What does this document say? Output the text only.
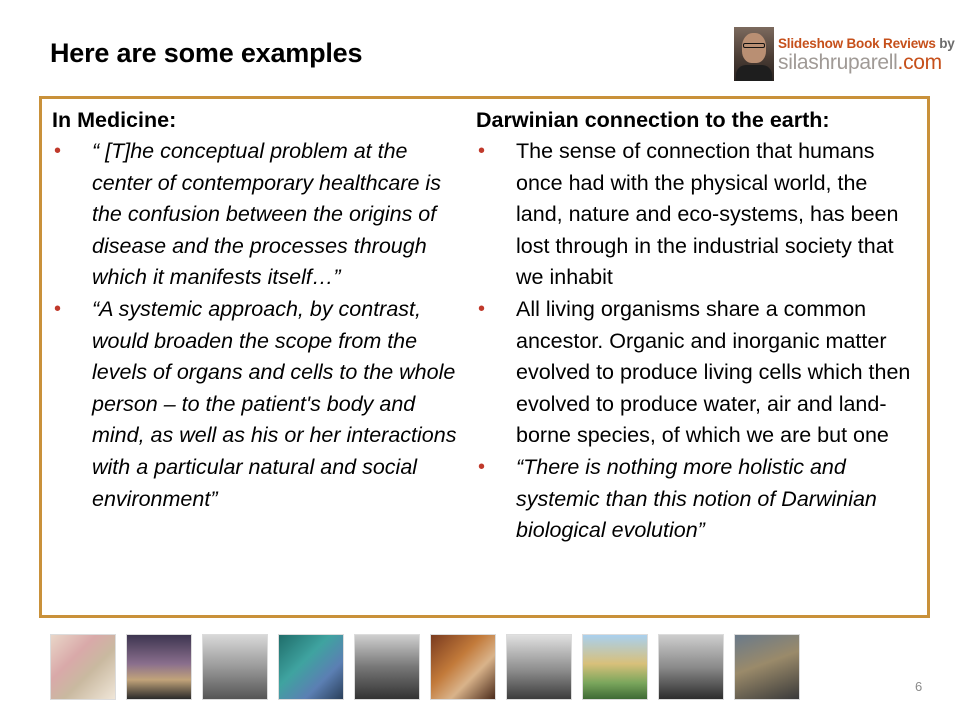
Here are some examples	Slideshow Book Reviews by
silashruparell.com
In Medicine:
• “ [T]he conceptual problem at the center of contemporary healthcare is the confusion between the origins of disease and the processes through which it manifests itself…”
• “A systemic approach, by contrast, would broaden the scope from the levels of organs and cells to the whole person – to the patient's body and mind, as well as his or her interactions with a particular natural and social environment”
Darwinian connection to the earth:
• The sense of connection that humans once had with the physical world, the land, nature and eco-systems, has been lost through in the industrial society that we inhabit
• All living organisms share a common ancestor. Organic and inorganic matter evolved to produce living cells which then evolved to produce water, air and land-borne species, of which we are but one
• “There is nothing more holistic and systemic than this notion of Darwinian biological evolution”
6
